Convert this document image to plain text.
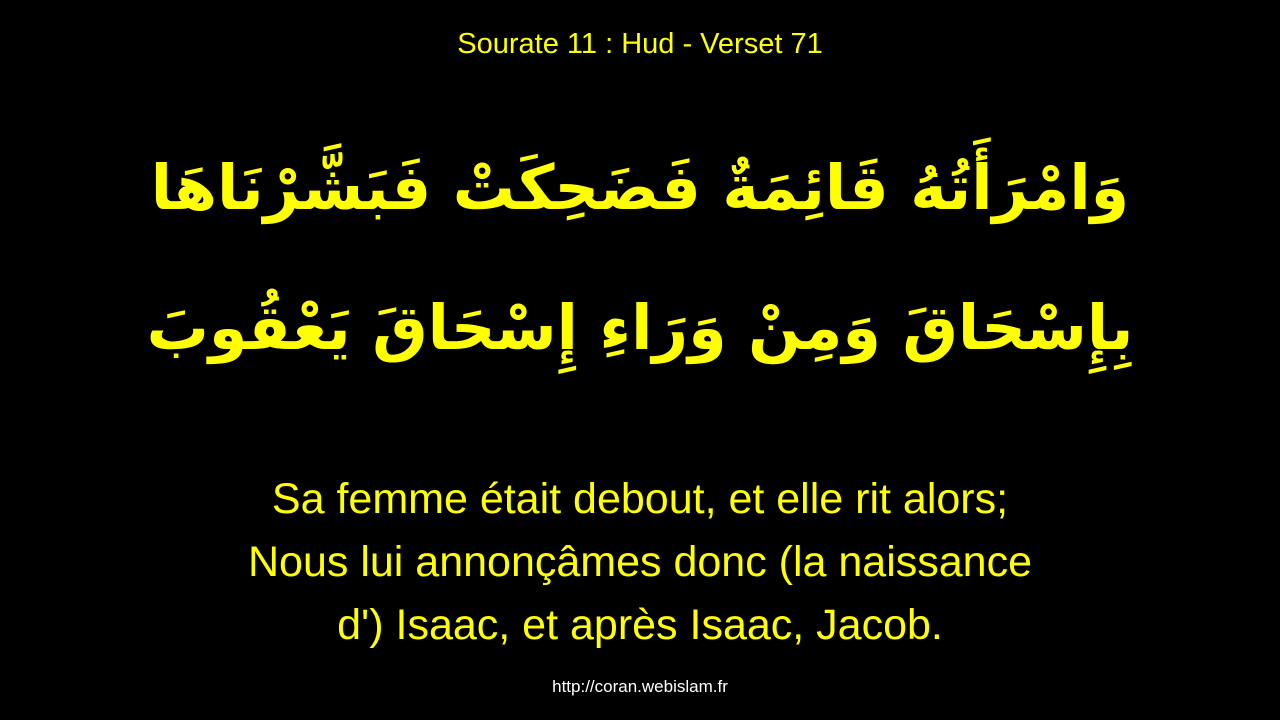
Sourate 11 : Hud - Verset 71
وَامْرَأَتُهُ قَائِمَةٌ فَضَحِكَتْ فَبَشَّرْنَاهَا
بِإِسْحَاقَ وَمِنْ وَرَاءِ إِسْحَاقَ يَعْقُوبَ
Sa femme était debout, et elle rit alors;
Nous lui annonçâmes donc (la naissance
d') Isaac, et après Isaac, Jacob.
http://coran.webislam.fr
